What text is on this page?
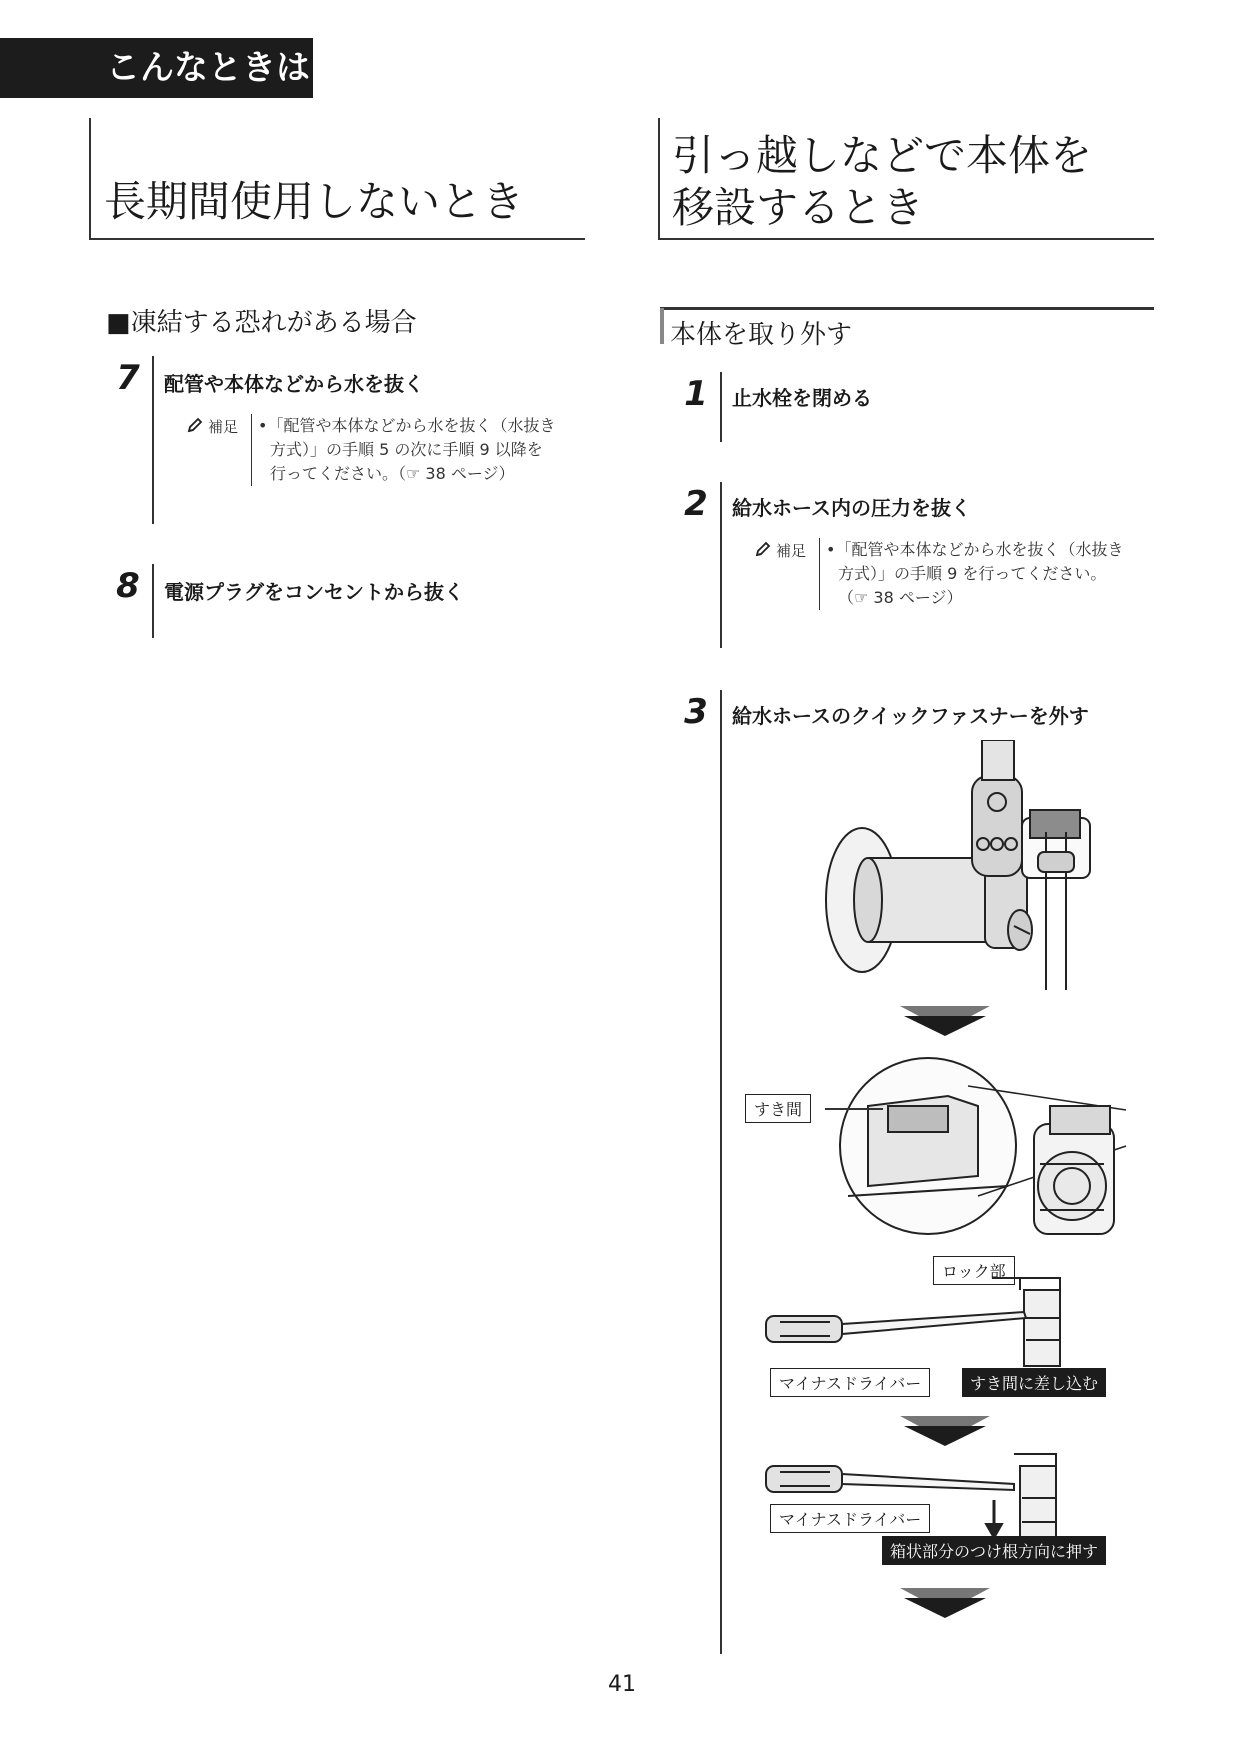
こんなときは
長期間使用しないとき
■凍結する恐れがある場合
7	配管や本体などから水を抜く
補足 •「配管や本体などから水を抜く（水抜き
方式）」の手順 5 の次に手順 9 以降を
行ってください。（☞ 38 ページ）
8	電源プラグをコンセントから抜く
引っ越しなどで本体を
移設するとき
本体を取り外す
1	止水栓を閉める
2	給水ホース内の圧力を抜く
補足 •「配管や本体などから水を抜く（水抜き
方式）」の手順 9 を行ってください。
（☞ 38 ページ）
3	給水ホースのクイックファスナーを外す
すき間
ロック部
マイナスドライバー	すき間に差し込む
マイナスドライバー
箱状部分のつけ根方向に押す
41
